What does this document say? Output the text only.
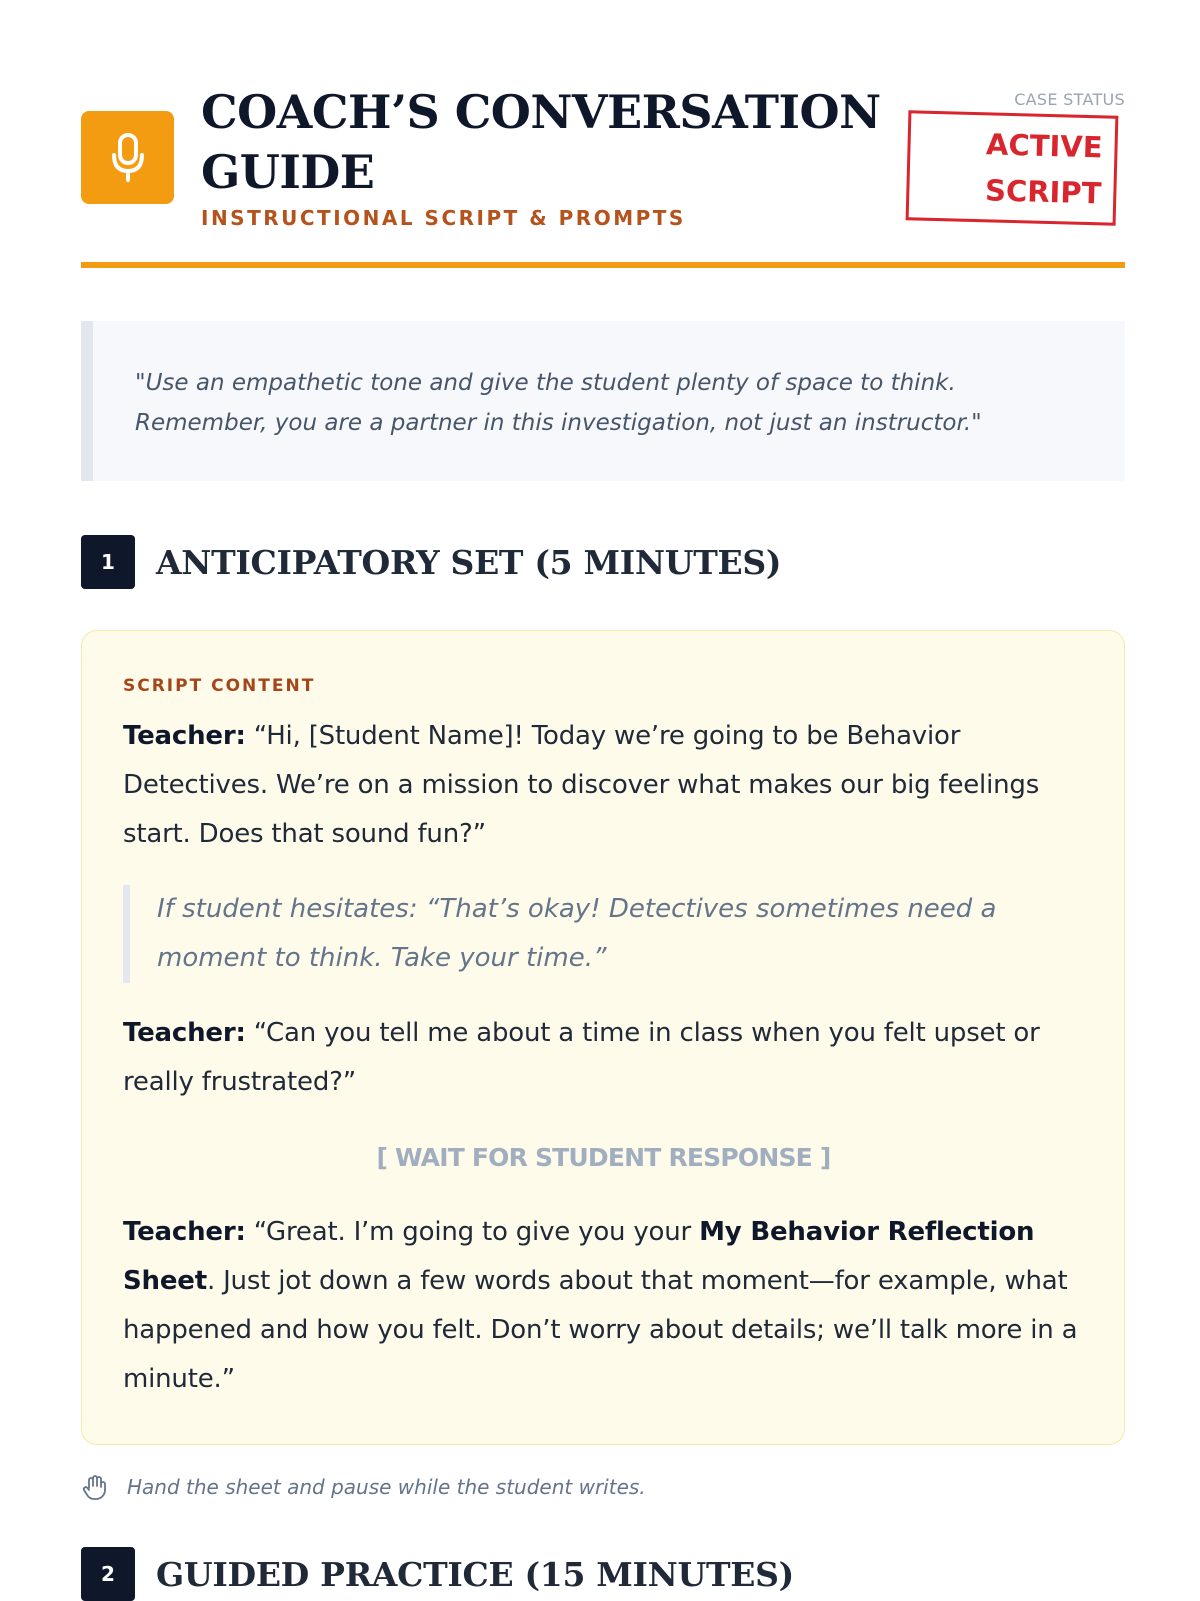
COACH’S CONVERSATION
GUIDE
INSTRUCTIONAL SCRIPT & PROMPTS
CASE STATUS
ACTIVE
SCRIPT
"Use an empathetic tone and give the student plenty of space to think. Remember, you are a partner in this investigation, not just an instructor."
1	ANTICIPATORY SET (5 MINUTES)
SCRIPT CONTENT
Teacher: “Hi, [Student Name]! Today we’re going to be Behavior Detectives. We’re on a mission to discover what makes our big feelings start. Does that sound fun?”
If student hesitates: “That’s okay! Detectives sometimes need a moment to think. Take your time.”
Teacher: “Can you tell me about a time in class when you felt upset or really frustrated?”
[ WAIT FOR STUDENT RESPONSE ]
Teacher: “Great. I’m going to give you your My Behavior Reflection Sheet. Just jot down a few words about that moment—for example, what happened and how you felt. Don’t worry about details; we’ll talk more in a minute.”
Hand the sheet and pause while the student writes.
2	GUIDED PRACTICE (15 MINUTES)
